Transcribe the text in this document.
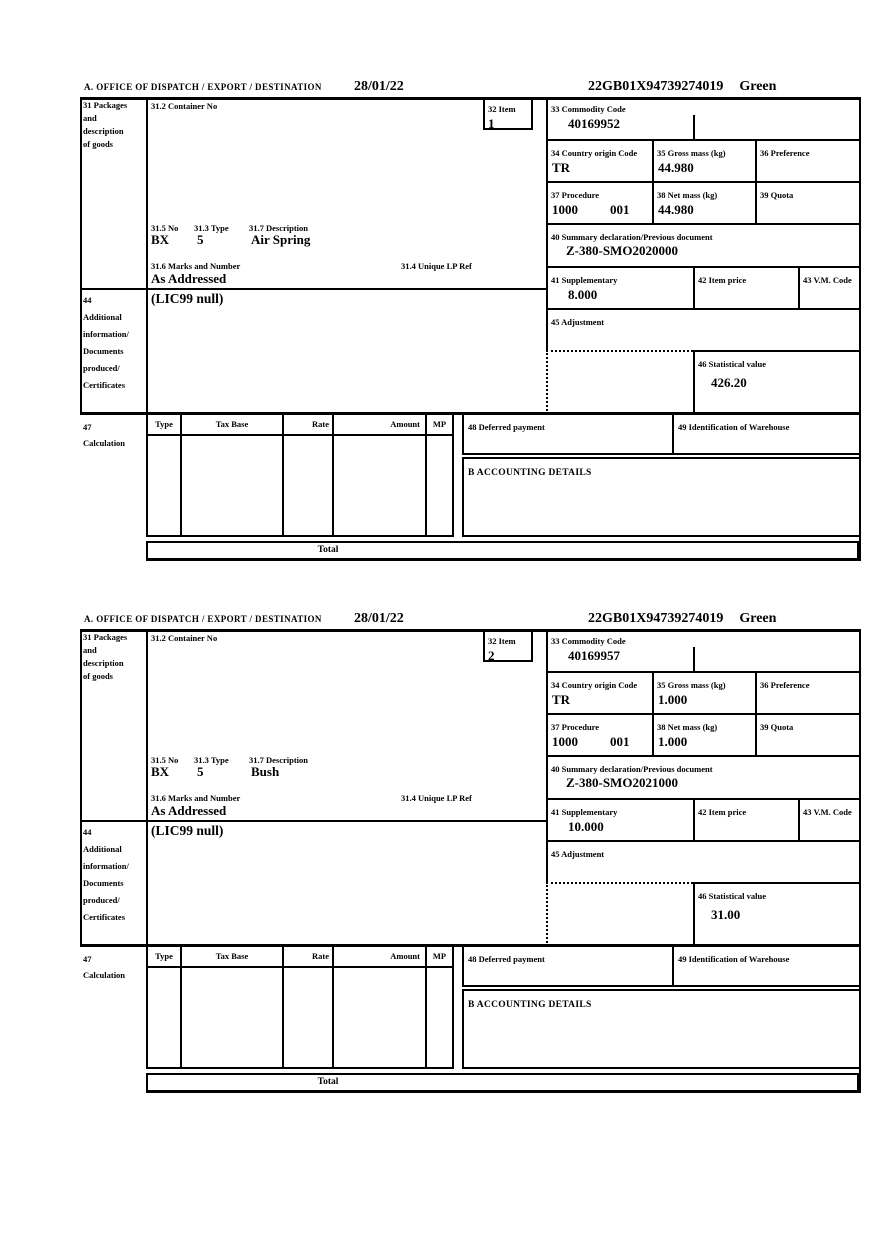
A. OFFICE OF DISPATCH / EXPORT / DESTINATION 28/01/22	22GB01X94739274019 Green
31 Packages
and
description
of goods
31.2 Container No
31.5 No 31.3 Type 31.7 Description
BX 5	Air Spring
31.6 Marks and Number	31.4 Unique LP Ref
As Addressed
32 Item
1
33 Commodity Code
40169952
34 Country origin Code
TR
35 Gross mass (kg)
44.980
36 Preference
37 Procedure
1000 001
38 Net mass (kg)
44.980
39 Quota
40 Summary declaration/Previous document
Z-380-SMO2020000
41 Supplementary
8.000
42 Item price	43 V.M. Code
45 Adjustment
46 Statistical value
426.20
44
Additional
information/
Documents
produced/
Certificates
(LIC99 null)
47
Calculation
Type	Tax Base	Rate	Amount	MP
Total
48 Deferred payment	49 Identification of Warehouse
B ACCOUNTING DETAILS
A. OFFICE OF DISPATCH / EXPORT / DESTINATION 28/01/22	22GB01X94739274019 Green
31 Packages
and
description
of goods
31.2 Container No
31.5 No 31.3 Type 31.7 Description
BX 5	Bush
31.6 Marks and Number	31.4 Unique LP Ref
As Addressed
32 Item
2
33 Commodity Code
40169957
34 Country origin Code
TR
35 Gross mass (kg)
1.000
36 Preference
37 Procedure
1000 001
38 Net mass (kg)
1.000
39 Quota
40 Summary declaration/Previous document
Z-380-SMO2021000
41 Supplementary
10.000
42 Item price	43 V.M. Code
45 Adjustment
46 Statistical value
31.00
44
Additional
information/
Documents
produced/
Certificates
(LIC99 null)
47
Calculation
Type	Tax Base	Rate	Amount	MP
Total
48 Deferred payment	49 Identification of Warehouse
B ACCOUNTING DETAILS
